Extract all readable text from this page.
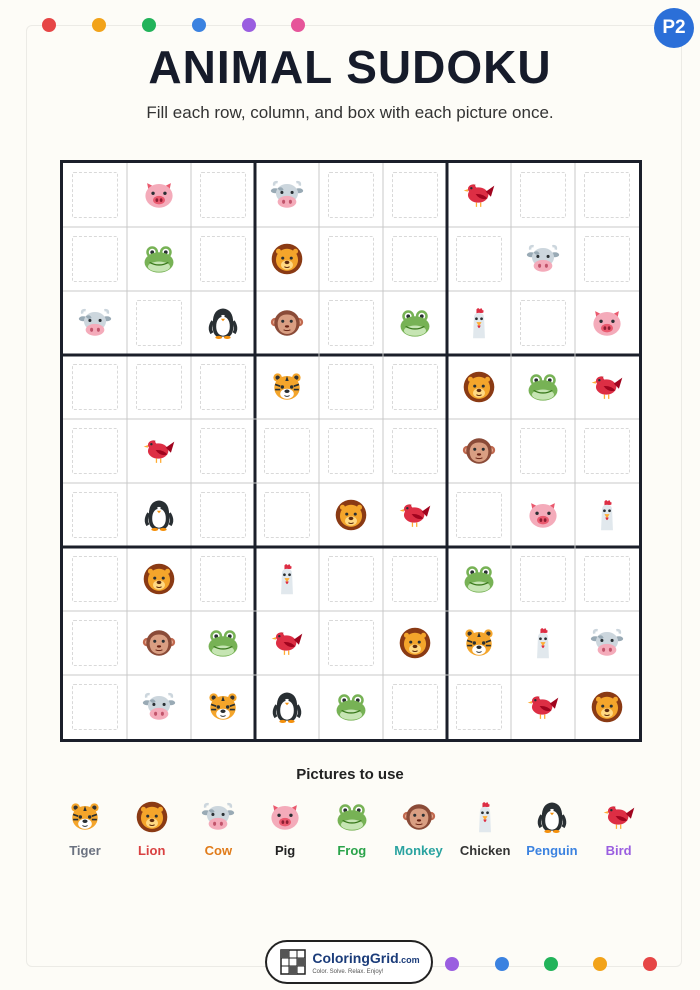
P2
ANIMAL SUDOKU
Fill each row, column, and box with each picture once.
Pictures to use
Tiger	Lion	Cow	Pig	Frog	Monkey	Chicken	Penguin	Bird
ColoringGrid.com
Color. Solve. Relax. Enjoy!
